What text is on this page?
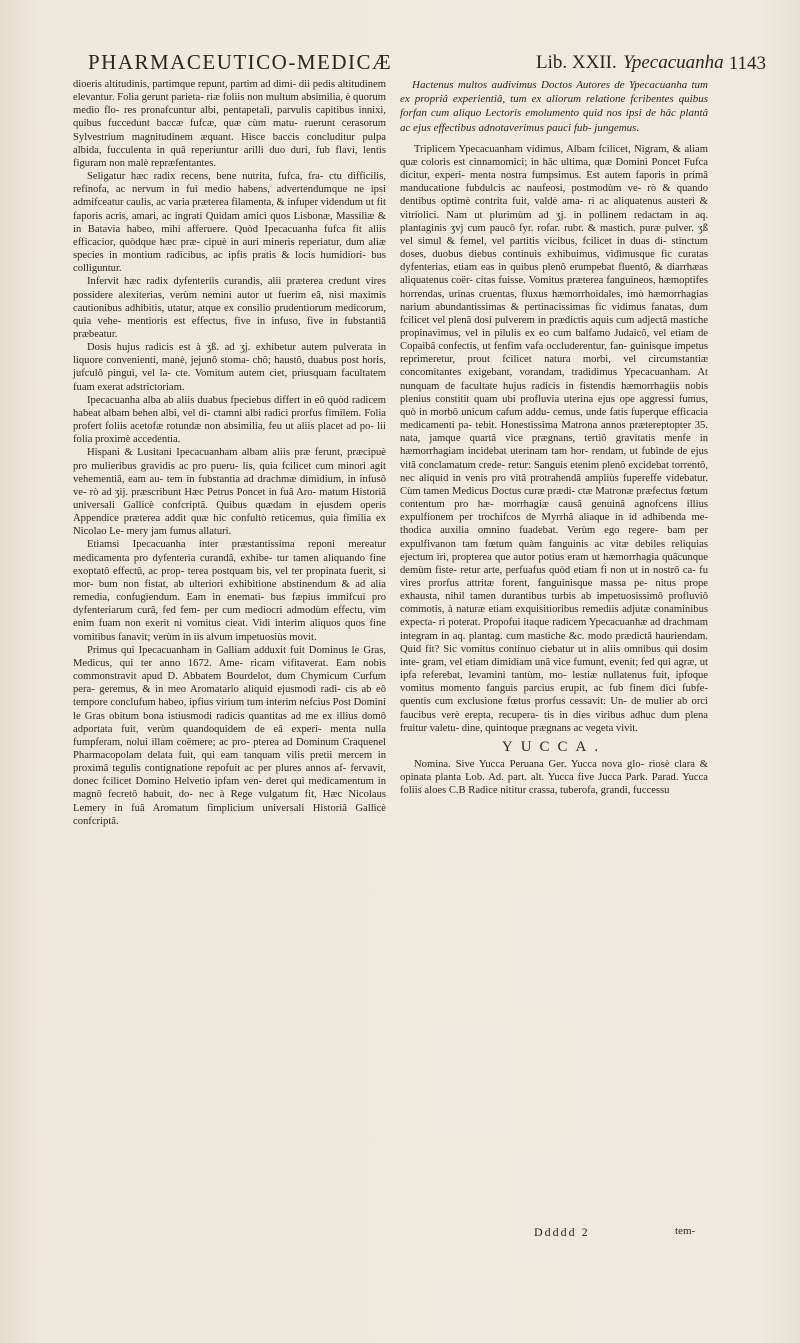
PHARMACEUTICO-MEDICÆ	Lib. XXII. Ypecacuanha 1143

dioeris altitudinis, partimque repunt, partim ad dimi- dii pedis altitudinem elevantur. Folia gerunt parieta- riæ foliis non multum absimilia, è quorum medio flo- res pronafcuntur albi, pentapetali, parvulis capitibus innixi, quibus fuccedunt baccæ fufcæ, quæ cùm matu- ruerunt cerasorum Sylvestrium magnitudinem æquant. Hisce baccis concluditur pulpa albida, fucculenta in quâ reperiuntur arilli duo duri, fub flavi, lentis figuram non malè repræfentantes.

Seligatur hæc radix recens, bene nutrita, fufca, fra- ctu difficilis, refinofa, ac nervum in fui medio habens, advertendumque ne ipsi admifceatur caulis, ac varia præterea filamenta, & infuper videndum ut fit faporis acris, amari, ac ingrati Quidam amici quos Lisbonæ, Massiliæ & in Batavia habeo, mihi afferuere. Quòd Ipecacuanha fufca fit aliis efficacior, quòdque hæc præ- cipuè in auri mineris reperiatur, dum aliæ species in montium radicibus, ac ipfis pratis & locis humidiori- bus colliguntur.

Infervit hæc radix dyfenteriis curandis, alii præterea credunt vires possidere alexiterias, verùm nemini autor ut fuerim eâ, nisi maximis cautionibus adhibitis, utatur, atque ex consilio prudentiorum medicorum, quia vehe- mentioris est effectus, five in infuso, five in fubstantiâ præbeatur.

Dosis hujus radicis est à ʒß. ad ʒj. exhibetur autem pulverata in liquore convenienti, manè, jejunô stoma- chô; haustô, duabus post horis, jufculô pingui, vel la- cte. Vomitum autem ciet, priusquam facultatem fuam exerat adstrictoriam.

Ipecacuanha alba ab aliis duabus fpeciebus differt in eô quòd radicem habeat albam behen albi, vel di- ctamni albi radici prorfus fimilem. Folia profert foliis acetofæ rotundæ non absimilia, feu ut aliis placet ad po- lii folia proximè accedentia.

Hispani & Lusitani Ipecacuanham albam aliis præ ferunt, præcipuè pro mulieribus gravidis ac pro pueru- lis, quia fcilicet cum minori agit vehementiâ, eam au- tem in fubstantia ad drachmæ dimidium, in infusô ve- rò ad ʒij. præscribunt Hæc Petrus Poncet in fuâ Aro- matum Historiâ universali Gallicè confcriptâ. Quibus quædam in ejusdem operis Appendice præterea addit quæ hic confultò reticemus, quia fimilia ex Nicolao Le- mery jam fumus allaturi.

Etiamsi Ipecacuanha inter præstantissima reponi mereatur medicamenta pro dyfenteria curandâ, exhibe- tur tamen aliquando fine exoptatô effectû, ac prop- terea postquam bis, vel ter propinata fuerit, si mor- bum non fistat, ab ulteriori exhibitione abstinendum & ad alia remedia, confugiendum. Eam in enemati- bus fæpius immifcui pro dyfenteriarum curâ, fed fem- per cum mediocri admodùm effectu, vim enim fuam non exerit ni vomitus cieat. Vidi interim aliquos quos fine vomitibus fanavit; verùm in iis alvum impetuosiùs movit.

Primus qui Ipecacuanham in Galliam adduxit fuit Dominus le Gras, Medicus, qui ter anno 1672. Ame- ricam vifitaverat. Eam nobis commonstravit apud D. Abbatem Bourdelot, dum Chymicum Curfum pera- geremus, & in meo Aromatario aliquid ejusmodi radi- cis ab eô tempore conclufum habeo, ipfius virium tum interim nefcius Post Domini le Gras obitum bona istiusmodi radicis quantitas ad me ex illius domô adportata fuit, verùm quandoquidem de eâ experi- menta nulla fumpferam, nolui illam coëmere; ac pro- pterea ad Dominum Craquenel Pharmacopolam delata fuit, qui eam tanquam vilis pretii mercem in proximâ tegulis contignatione repofuit ac per plures annos af- fervavit, donec fcilicet Domino Helvetio ipfam ven- deret qui medicamentum in magnô fecretô habuit, do- nec à Rege vulgatum fit, Hæc Nicolaus Lemery in fuâ Aromatum fimplicium universali Historiâ Gallicè confcriptâ.

Hactenus multos audivimus Doctos Autores de Ypecacuanha tum ex propriâ experientiâ, tum ex aliorum relatione fcribentes quibus forfan cum aliquo Lectoris emolumento quid nos ipsi de hâc plantâ ac ejus effectibus adnotaverimus pauci fub- jungemus.

Triplicem Ypecacuanham vidimus, Albam fcilicet, Nigram, & aliam quæ coloris est cinnamomici; in hâc ultima, quæ Domini Poncet Fufca dicitur, experi- menta nostra fumpsimus. Est autem faporis in primâ manducatione fubdulcis ac naufeosi, postmodùm ve- rò & quando dentibus optimè contrita fuit, valdè ama- ri ac aliquatenus austeri & vitriolici. Nam ut plurimùm ad ʒj. in pollinem redactam in aq. plantaginis ʒvj cum paucô fyr. rofar. rubr. & mastich. puræ pulver. ʒß vel simul & femel, vel partitis vicibus, fcilicet in duas di- stinctum doses, duobus diebus continuis exhibuimus, vidimusque fic curatas dyfenterias, etiam eas in quibus plenô erumpebat fluentô, & diarrhæas aliquatenus coër- citas fuisse. Vomitus præterea fanguineos, hæmoptifes horrendas, urinas cruentas, fluxus hæmorrhoidales, imò hæmorrhagias narium abundantissimas & pertinacissimas fic vidimus fanatas, dum fcilicet vel plenâ dosi pulverem in prædictis aquis cum adjectâ mastiche propinavimus, vel in pilulis ex eo cum balfamo Judaicô, vel etiam de Copaibâ confectis, ut fenfim vafa occluderentur, fan- guinisque impetus reprimeretur, prout fcilicet natura morbi, vel circumstantiæ concomitantes exigebant, vorandam, tradidimus Ypecacuanham. At nunquam de facultate hujus radicis in fistendis hæmorrhagiis nobis plenius constitit quam ubi profluvia uterina ejus ope aggressi fumus, quò in morbô unicum cafum addu- cemus, unde fatis fuperque efficacia medicamenti pa- tebit. Honestissima Matrona annos prætereptopter 35. nata, jamque quartâ vice prægnans, tertiô gravitatis menfe in hæmorrhagiam incidebat uterinam tam hor- rendam, ut fubinde de ejus vitâ conclamatum crede- retur: Sanguis etenim plenô excidebat torrentô, nec aliquid in venis pro vitâ protrahendâ ampliùs fupereffe videbatur. Cùm tamen Medicus Doctus curæ prædi- ctæ Matronæ præfectus fœtum contentum pro hæ- morrhagiæ causâ genuinâ agnofcens illius expulfionem per trochifcos de Myrrhâ aliaque in id adhibenda me- thodica auxilia omnino fuadebat. Verùm ego regere- bam per expulfivanon tam fœtum quàm fanguinis ac vitæ debiles reliquias ejectum iri, propterea que autor potius eram ut hæmorrhagia quâcunque demùm fiste- retur arte, perfuafus quòd etiam fi non ut in nostrô ca- fu vires prorfus attritæ forent, fanguinisque massa pe- nitus prope exhausta, nihil tamen durantibus turbis ab impetuosissimô profluviô commotis, à naturæ etiam exquisitioribus remediis adjutæ conaminibus expecta- ri poterat. Propofui itaque radicem Ypecacuanhæ ad drachmam integram in aq. plantag. cum mastiche &c. modo prædictâ hauriendam. Quid fit? Sic vomitus continuo ciebatur ut in aliis omnibus qui dosim inte- gram, vel etiam dimidiam unâ vice fumunt, evenit; fed qui agræ, ut ipfa referebat, levamini tantùm, mo- lestiæ nullatenus fuit, ipfoque vomitus momento fanguis parcius erupit, ac fub finem dici fubfe- quentis cum exclusione fœtus prorfus cessavit: Un- de mulier ab orci faucibus verè erepta, recupera- tis in dies viribus adhuc dum plena fruitur valetu- dine, quintoque prægnans ac vegeta vivit.

YUCCA.

Nomina. Sive Yucca Peruana Ger. Yucca nova glo- riosè clara & opinata planta Lob. Ad. part. alt. Yucca five Jucca Park. Parad. Yucca foliis aloes C.B Radice nititur crassa, tuberofa, grandi, fuccessu

Ddddd 2	tem-
